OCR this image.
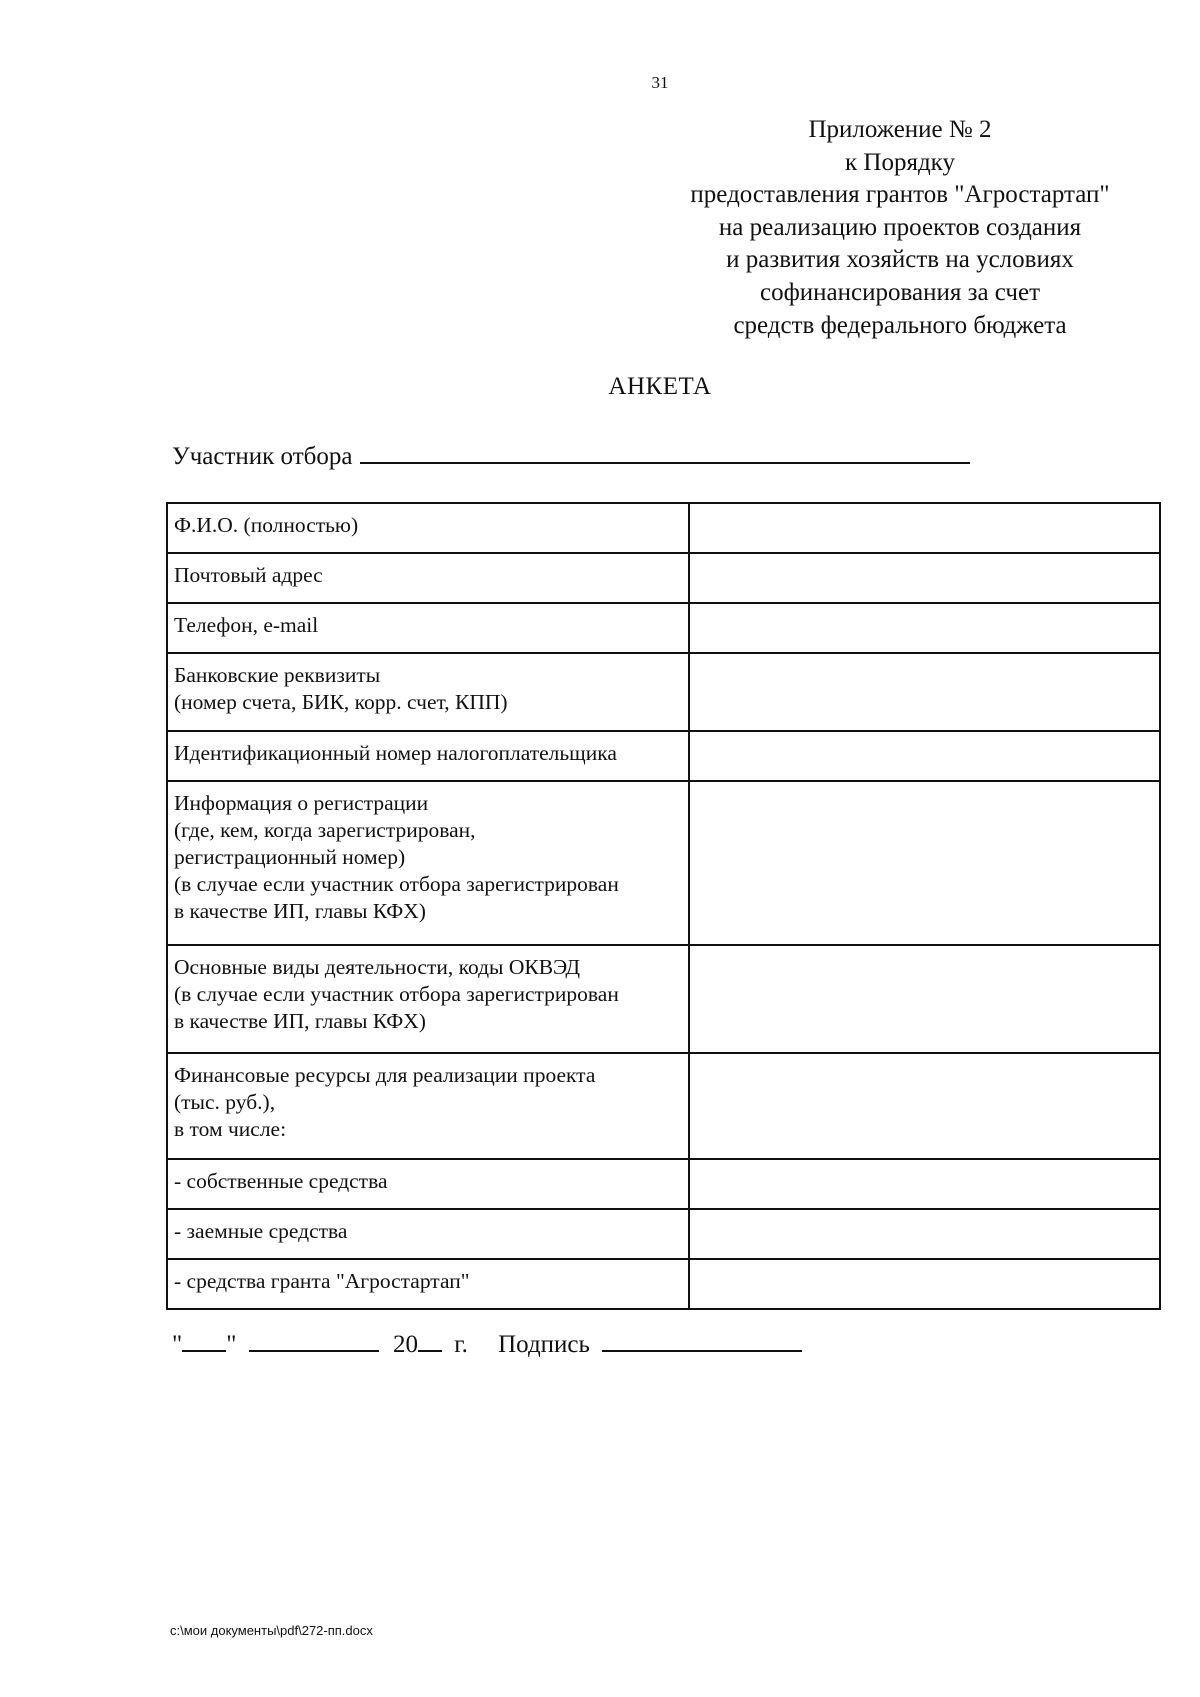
31
Приложение № 2
к Порядку
предоставления грантов "Агростартап"
на реализацию проектов создания
и развития хозяйств на условиях
софинансирования за счет
средств федерального бюджета
АНКЕТА
Участник отбора
Ф.И.О. (полностью)	

Почтовый адрес	

Телефон, e-mail	

Банковские реквизиты
(номер счета, БИК, корр. счет, КПП)	

Идентификационный номер налогоплательщика	

Информация о регистрации
(где, кем, когда зарегистрирован,
регистрационный номер)
(в случае если участник отбора зарегистрирован
в качестве ИП, главы КФХ)	

Основные виды деятельности, коды ОКВЭД
(в случае если участник отбора зарегистрирован
в качестве ИП, главы КФХ)	

Финансовые ресурсы для реализации проекта
(тыс. руб.),
в том числе:	

- собственные средства	

- заемные средства	

- средства гранта "Агростартап"	

" "	20 г. Подпись
c:\мои документы\pdf\272-пп.docx
